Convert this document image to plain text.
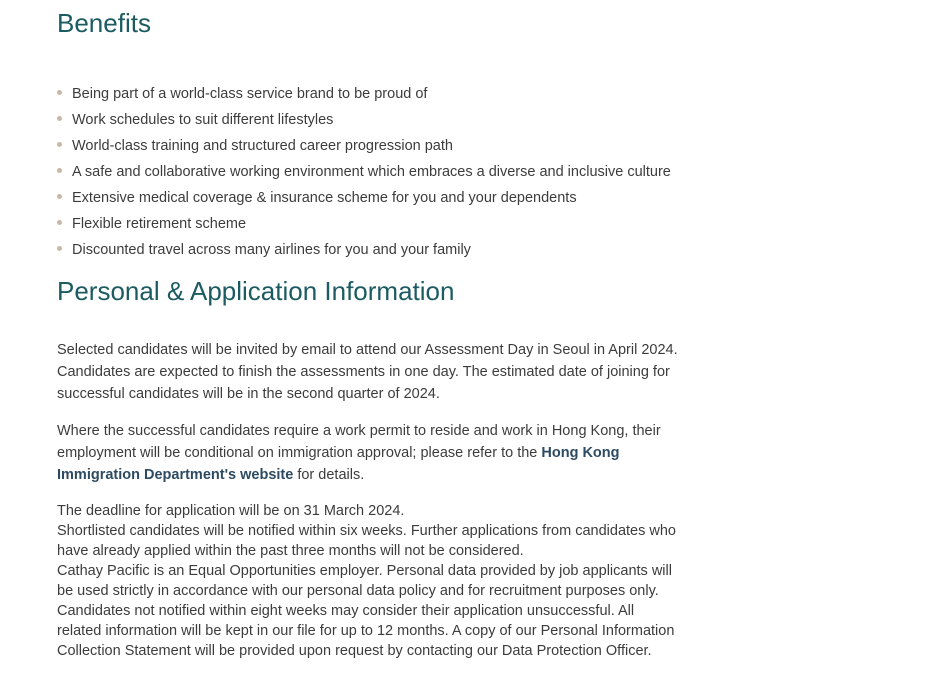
Benefits
Being part of a world-class service brand to be proud of
Work schedules to suit different lifestyles
World-class training and structured career progression path
A safe and collaborative working environment which embraces a diverse and inclusive culture
Extensive medical coverage & insurance scheme for you and your dependents
Flexible retirement scheme
Discounted travel across many airlines for you and your family
Personal & Application Information

Selected candidates will be invited by email to attend our Assessment Day in Seoul in April 2024.
Candidates are expected to finish the assessments in one day. The estimated date of joining for
successful candidates will be in the second quarter of 2024.

Where the successful candidates require a work permit to reside and work in Hong Kong, their
employment will be conditional on immigration approval; please refer to the Hong Kong
Immigration Department's website for details.

The deadline for application will be on 31 March 2024.
Shortlisted candidates will be notified within six weeks. Further applications from candidates who
have already applied within the past three months will not be considered.
Cathay Pacific is an Equal Opportunities employer. Personal data provided by job applicants will
be used strictly in accordance with our personal data policy and for recruitment purposes only.
Candidates not notified within eight weeks may consider their application unsuccessful. All
related information will be kept in our file for up to 12 months. A copy of our Personal Information
Collection Statement will be provided upon request by contacting our Data Protection Officer.
